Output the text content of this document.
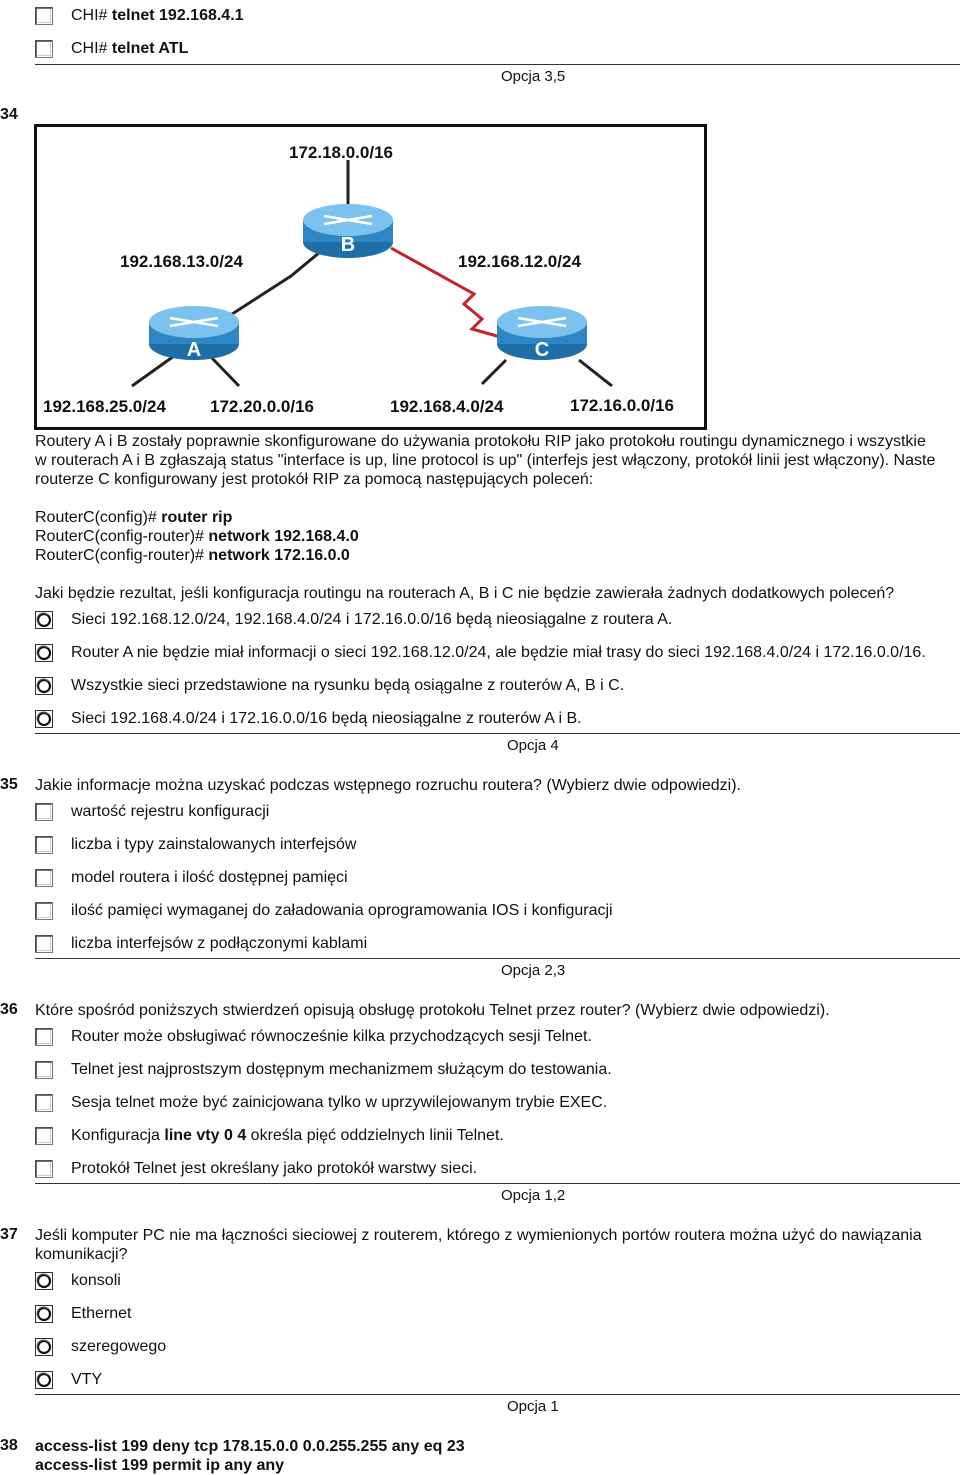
CHI# telnet 192.168.4.1
CHI# telnet ATL
Opcja 3,5
34
B
A	C
172.18.0.0/16
192.168.13.0/24	192.168.12.0/24
192.168.25.0/24	172.20.0.0/16	192.168.4.0/24	172.16.0.0/16
Routery A i B zostały poprawnie skonfigurowane do używania protokołu RIP jako protokołu routingu dynamicznego i wszystkie
w routerach A i B zgłaszają status "interface is up, line protocol is up" (interfejs jest włączony, protokół linii jest włączony). Naste
routerze C konfigurowany jest protokół RIP za pomocą następujących poleceń:
RouterC(config)# router rip
RouterC(config-router)# network 192.168.4.0
RouterC(config-router)# network 172.16.0.0
Jaki będzie rezultat, jeśli konfiguracja routingu na routerach A, B i C nie będzie zawierała żadnych dodatkowych poleceń?
Sieci 192.168.12.0/24, 192.168.4.0/24 i 172.16.0.0/16 będą nieosiągalne z routera A.
Router A nie będzie miał informacji o sieci 192.168.12.0/24, ale będzie miał trasy do sieci 192.168.4.0/24 i 172.16.0.0/16.
Wszystkie sieci przedstawione na rysunku będą osiągalne z routerów A, B i C.
Sieci 192.168.4.0/24 i 172.16.0.0/16 będą nieosiągalne z routerów A i B.
Opcja 4
35 Jakie informacje można uzyskać podczas wstępnego rozruchu routera? (Wybierz dwie odpowiedzi).
wartość rejestru konfiguracji
liczba i typy zainstalowanych interfejsów
model routera i ilość dostępnej pamięci
ilość pamięci wymaganej do załadowania oprogramowania IOS i konfiguracji
liczba interfejsów z podłączonymi kablami
Opcja 2,3
36 Które spośród poniższych stwierdzeń opisują obsługę protokołu Telnet przez router? (Wybierz dwie odpowiedzi).
Router może obsługiwać równocześnie kilka przychodzących sesji Telnet.
Telnet jest najprostszym dostępnym mechanizmem służącym do testowania.
Sesja telnet może być zainicjowana tylko w uprzywilejowanym trybie EXEC.
Konfiguracja line vty 0 4 określa pięć oddzielnych linii Telnet.
Protokół Telnet jest określany jako protokół warstwy sieci.
Opcja 1,2
37 Jeśli komputer PC nie ma łączności sieciowej z routerem, którego z wymienionych portów routera można użyć do nawiązania
komunikacji?
konsoli
Ethernet
szeregowego
VTY
Opcja 1
38 access-list 199 deny tcp 178.15.0.0 0.0.255.255 any eq 23
access-list 199 permit ip any any
